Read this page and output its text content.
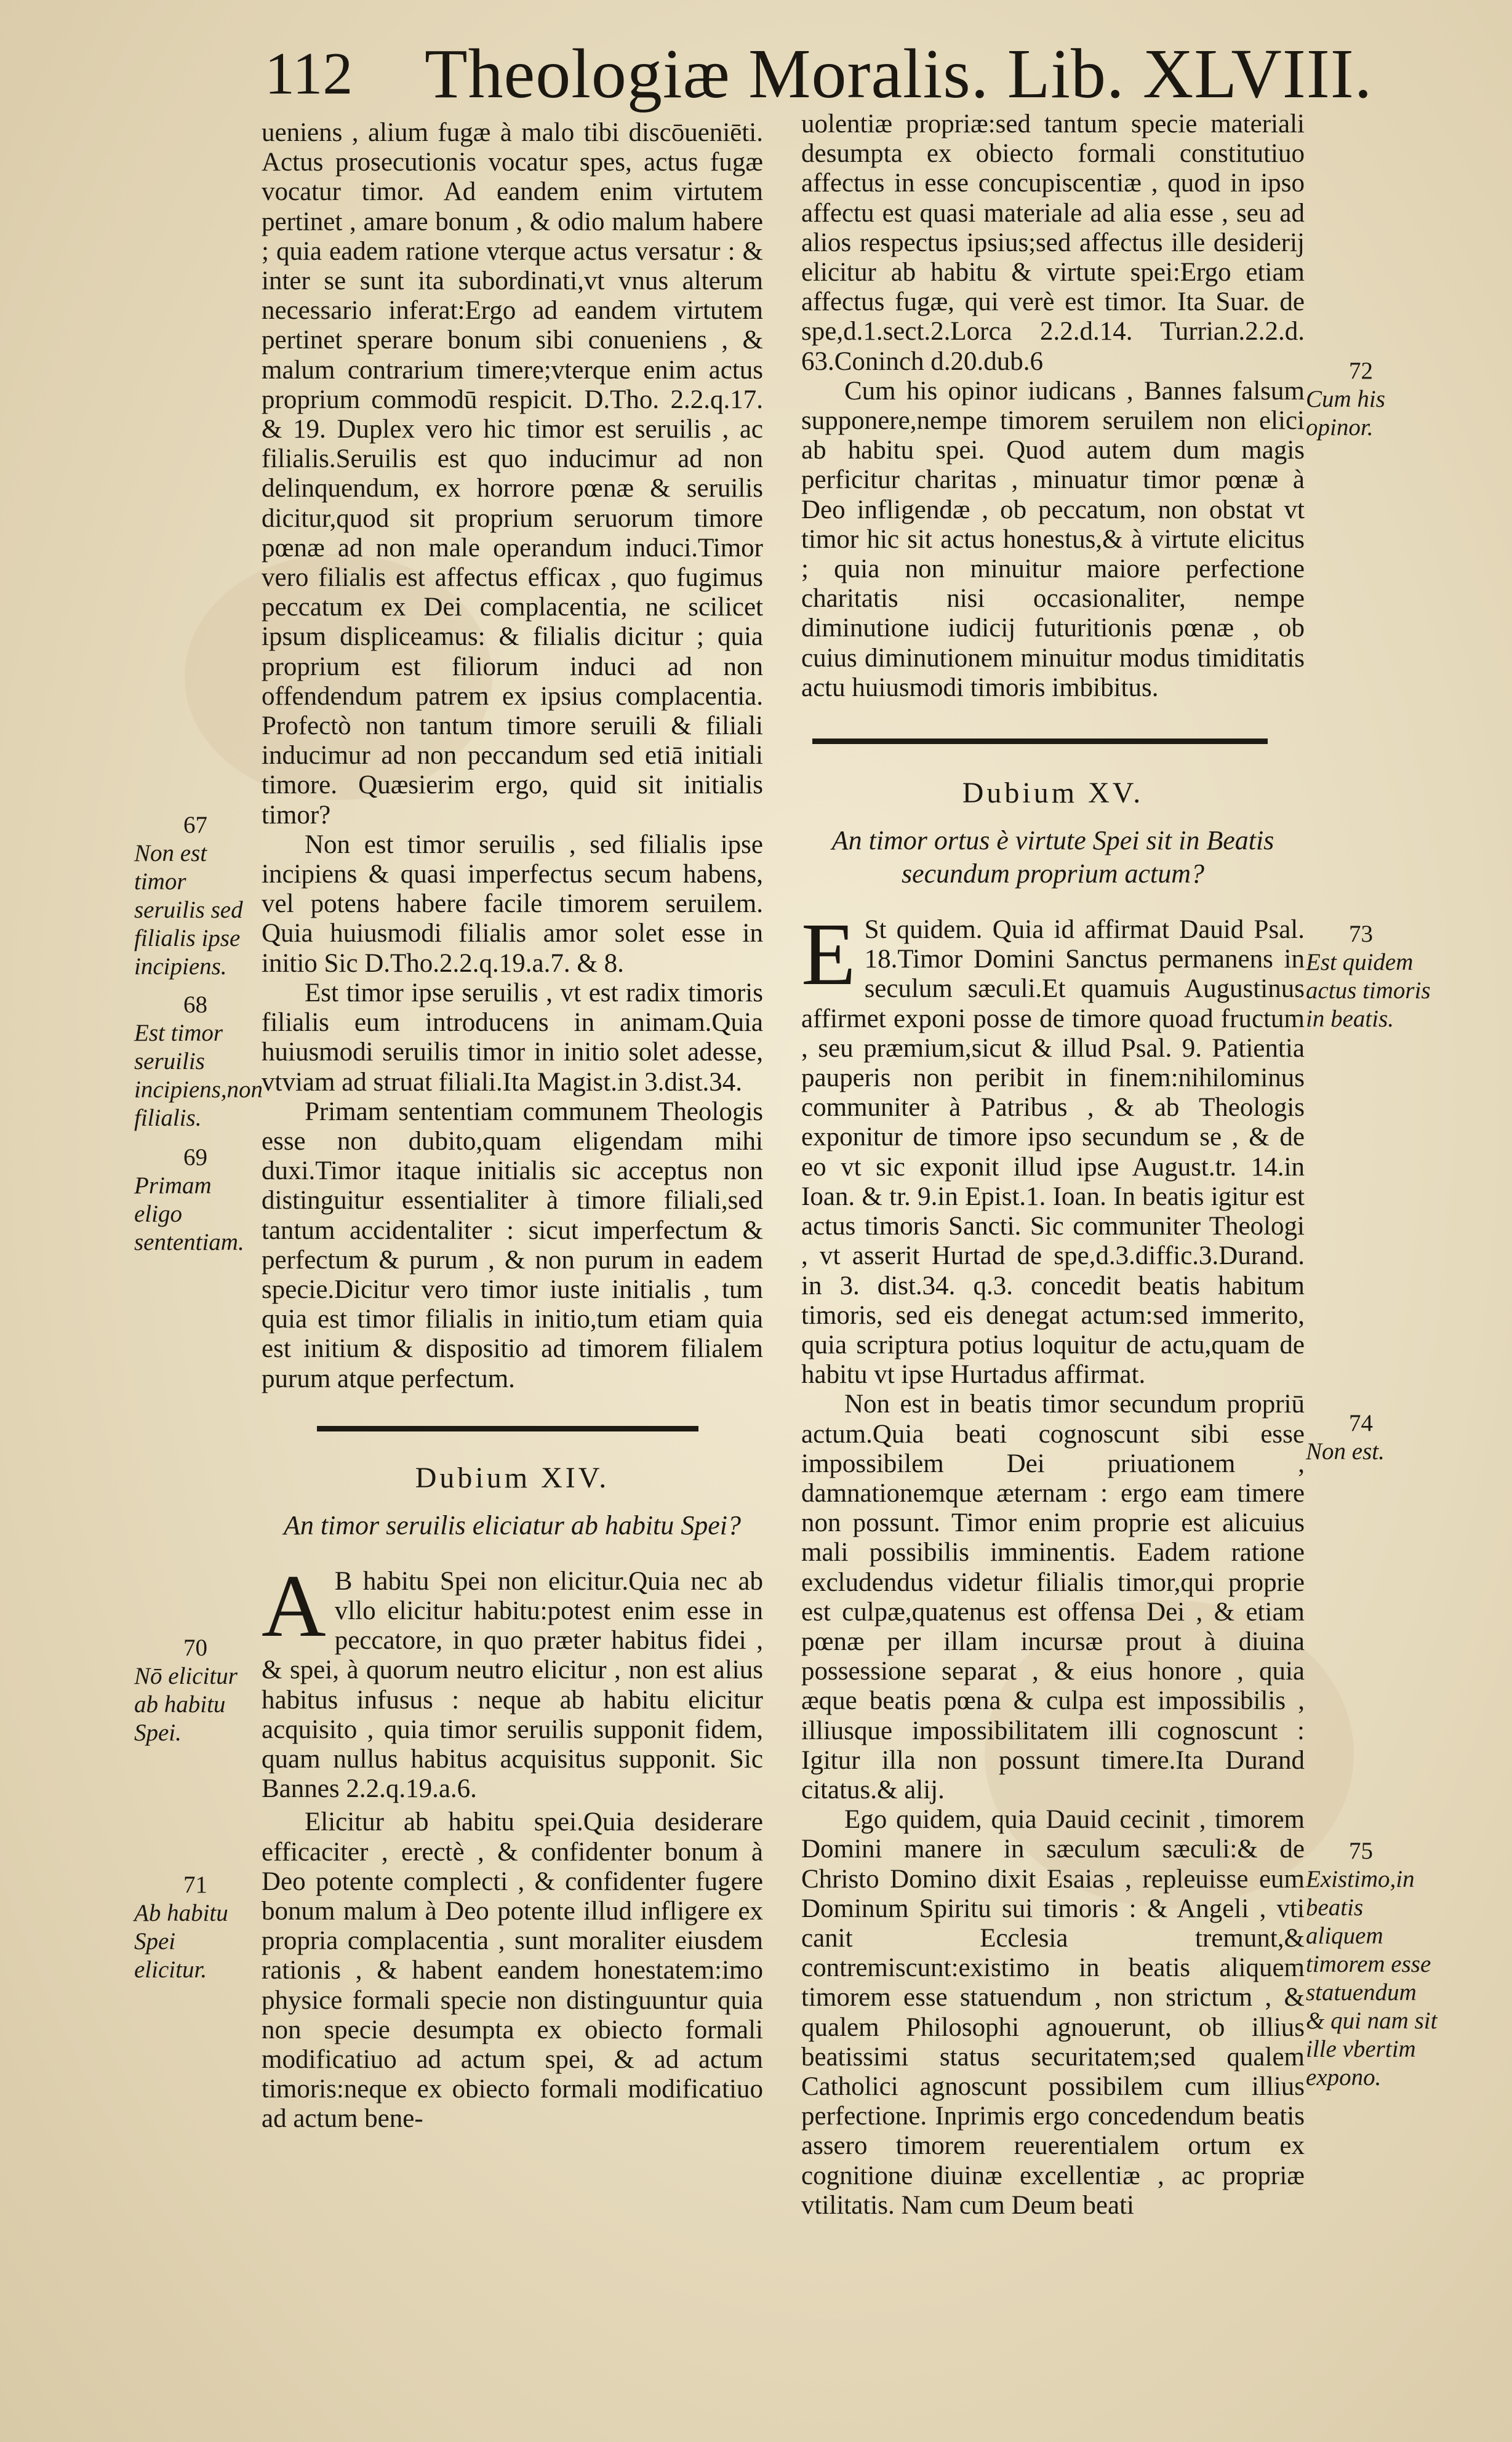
112 Theologiæ Moralis. Lib. XLVIII.

ueniens , alium fugæ à malo tibi discōueniēti. Actus prosecutionis vocatur spes, actus fugæ vocatur timor. Ad eandem enim virtutem pertinet , amare bonum , & odio malum habere ; quia eadem ratione vterque actus versatur : & inter se sunt ita subordinati,vt vnus alterum necessario inferat:Ergo ad eandem virtutem pertinet sperare bonum sibi conueniens , & malum contrarium timere;vterque enim actus proprium commodū respicit. D.Tho. 2.2.q.17. & 19. Duplex vero hic timor est seruilis , ac filialis.Seruilis est quo inducimur ad non delinquendum, ex horrore pœnæ & seruilis dicitur,quod sit proprium seruorum timore pœnæ ad non male operandum induci.Timor vero filialis est affectus efficax , quo fugimus peccatum ex Dei complacentia, ne scilicet ipsum displiceamus: & filialis dicitur ; quia proprium est filiorum induci ad non offendendum patrem ex ipsius complacentia. Profectò non tantum timore seruili & filiali inducimur ad non peccandum sed etiā initiali timore. Quæsierim ergo, quid sit initialis timor?

Non est timor seruilis , sed filialis ipse incipiens & quasi imperfectus secum habens, vel potens habere facile timorem seruilem. Quia huiusmodi filialis amor solet esse in initio Sic D.Tho.2.2.q.19.a.7. & 8.

Est timor ipse seruilis , vt est radix timoris filialis eum introducens in animam.Quia huiusmodi seruilis timor in initio solet adesse, vtviam ad struat filiali.Ita Magist.in 3.dist.34.

Primam sententiam communem Theologis esse non dubito,quam eligendam mihi duxi.Timor itaque initialis sic acceptus non distinguitur essentialiter à timore filiali,sed tantum accidentaliter : sicut imperfectum & perfectum & purum , & non purum in eadem specie.Dicitur vero timor iuste initialis , tum quia est timor filialis in initio,tum etiam quia est initium & dispositio ad timorem filialem purum atque perfectum.

Dubium XIV.
An timor seruilis eliciatur ab habitu Spei?

A B habitu Spei non elicitur.Quia nec ab vllo elicitur habitu:potest enim esse in peccatore, in quo præter habitus fidei , & spei, à quorum neutro elicitur , non est alius habitus infusus : neque ab habitu elicitur acquisito , quia timor seruilis supponit fidem, quam nullus habitus acquisitus supponit. Sic Bannes 2.2.q.19.a.6.

Elicitur ab habitu spei.Quia desiderare efficaciter , erectè , & confidenter bonum à Deo potente complecti , & confidenter fugere bonum malum à Deo potente illud infligere ex propria complacentia , sunt moraliter eiusdem rationis , & habent eandem honestatem:imo physice formali specie non distinguuntur quia non specie desumpta ex obiecto formali modificatiuo ad actum spei, & ad actum timoris:neque ex obiecto formali modificatiuo ad actum bene-

uolentiæ propriæ:sed tantum specie materiali desumpta ex obiecto formali constitutiuo affectus in esse concupiscentiæ , quod in ipso affectu est quasi materiale ad alia esse , seu ad alios respectus ipsius;sed affectus ille desiderij elicitur ab habitu & virtute spei:Ergo etiam affectus fugæ, qui verè est timor. Ita Suar. de spe,d.1.sect.2.Lorca 2.2.d.14. Turrian.2.2.d. 63.Coninch d.20.dub.6

Cum his opinor iudicans , Bannes falsum supponere,nempe timorem seruilem non elici ab habitu spei. Quod autem dum magis perficitur charitas , minuatur timor pœnæ à Deo infligendæ , ob peccatum, non obstat vt timor hic sit actus honestus,& à virtute elicitus ; quia non minuitur maiore perfectione charitatis nisi occasionaliter, nempe diminutione iudicij futuritionis pœnæ , ob cuius diminutionem minuitur modus timiditatis actu huiusmodi timoris imbibitus.

Dubium XV.
An timor ortus è virtute Spei sit in Beatis secundum proprium actum?

E St quidem. Quia id affirmat Dauid Psal. 18.Timor Domini Sanctus permanens in seculum sæculi.Et quamuis Augustinus affirmet exponi posse de timore quoad fructum , seu præmium,sicut & illud Psal. 9. Patientia pauperis non peribit in finem:nihilominus communiter à Patribus , & ab Theologis exponitur de timore ipso secundum se , & de eo vt sic exponit illud ipse August.tr. 14.in Ioan. & tr. 9.in Epist.1. Ioan. In beatis igitur est actus timoris Sancti. Sic communiter Theologi , vt asserit Hurtad de spe,d.3.diffic.3.Durand. in 3. dist.34. q.3. concedit beatis habitum timoris, sed eis denegat actum:sed immerito, quia scriptura potius loquitur de actu,quam de habitu vt ipse Hurtadus affirmat.

Non est in beatis timor secundum propriū actum.Quia beati cognoscunt sibi esse impossibilem Dei priuationem , damnationemque æternam : ergo eam timere non possunt. Timor enim proprie est alicuius mali possibilis imminentis. Eadem ratione excludendus videtur filialis timor,qui proprie est culpæ,quatenus est offensa Dei , & etiam pœnæ per illam incursæ prout à diuina possessione separat , & eius honore , quia æque beatis pœna & culpa est impossibilis , illiusque impossibilitatem illi cognoscunt : Igitur illa non possunt timere.Ita Durand citatus.& alij.

Ego quidem, quia Dauid cecinit , timorem Domini manere in sæculum sæculi:& de Christo Domino dixit Esaias , repleuisse eum Dominum Spiritu sui timoris : & Angeli , vti canit Ecclesia tremunt,& contremiscunt:existimo in beatis aliquem timorem esse statuendum , non strictum , & qualem Philosophi agnouerunt, ob illius beatissimi status securitatem;sed qualem Catholici agnoscunt possibilem cum illius perfectione. Inprimis ergo concedendum beatis assero timorem reuerentialem ortum ex cognitione diuinæ excellentiæ , ac propriæ vtilitatis. Nam cum Deum beati

67
Non est timor seruilis sed filialis ipse incipiens.
68
Est timor seruilis incipiens,non filialis.
69
Primam eligo sententiam.
70
Nō elicitur ab habitu Spei.
71
Ab habitu Spei elicitur.
72
Cum his opinor.
73
Est quidem actus timoris in beatis.
74
Non est.
75
Existimo,in beatis aliquem timorem esse statuendum & qui nam sit ille vbertim expono.
